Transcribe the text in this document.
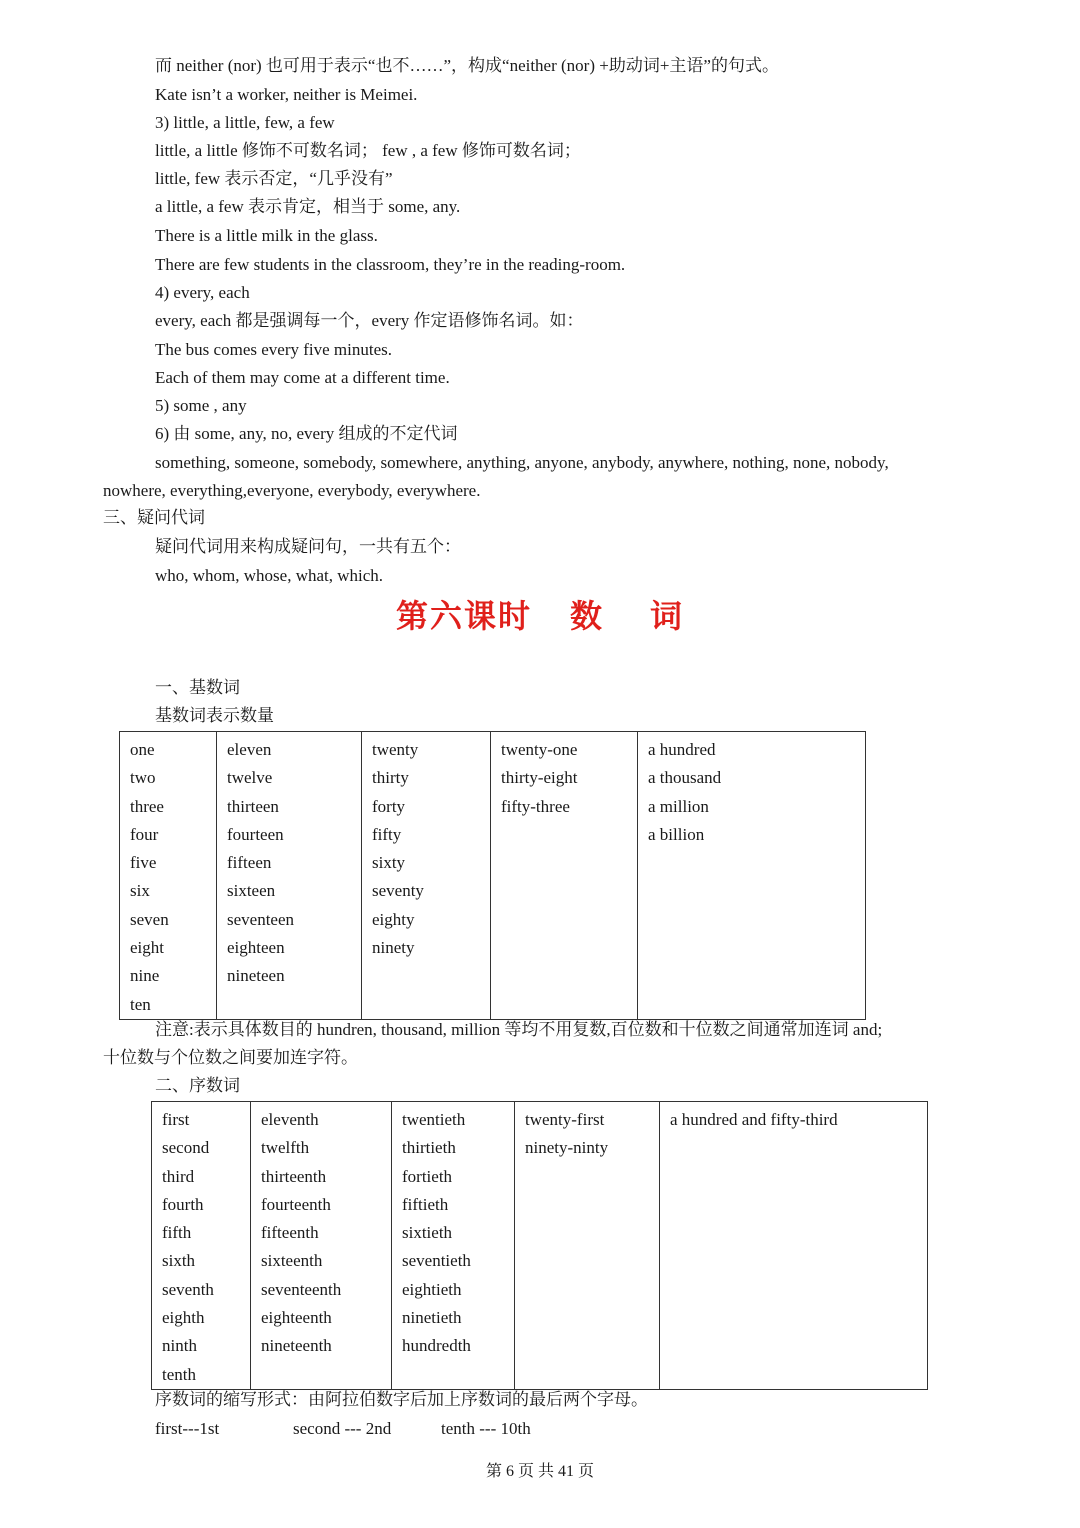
而 neither (nor) 也可用于表示“也不……”，构成“neither (nor) +助动词+主语”的句式。
Kate isn’t a worker, neither is Meimei.
3) little, a little, few, a few
little, a little 修饰不可数名词； few , a few 修饰可数名词；
little, few 表示否定，“几乎没有”
a little, a few 表示肯定，相当于 some, any.
There is a little milk in the glass.
There are few students in the classroom, they’re in the reading-room.
4) every, each
every, each 都是强调每一个，every 作定语修饰名词。如：
The bus comes every five minutes.
Each of them may come at a different time.
5) some , any
6) 由 some, any, no, every 组成的不定代词
something, someone, somebody, somewhere, anything, anyone, anybody, anywhere, nothing, none, nobody,
nowhere, everything,everyone, everybody, everywhere.
三、疑问代词
疑问代词用来构成疑问句，一共有五个：
who, whom, whose, what, which.
第六课时 数 词
一、基数词
基数词表示数量
one
two
three
four
five
six
seven
eight
nine
ten

eleven
twelve
thirteen
fourteen
fifteen
sixteen
seventeen
eighteen
nineteen

twenty
thirty
forty
fifty
sixty
seventy
eighty
ninety

twenty-one
thirty-eight
fifty-three

a hundred
a thousand
a million
a billion
注意:表示具体数目的 hundren, thousand, million 等均不用复数,百位数和十位数之间通常加连词 and;
十位数与个位数之间要加连字符。
二、序数词
first
second
third
fourth
fifth
sixth
seventh
eighth
ninth
tenth

eleventh
twelfth
thirteenth
fourteenth
fifteenth
sixteenth
seventeenth
eighteenth
nineteenth

twentieth
thirtieth
fortieth
fiftieth
sixtieth
seventieth
eightieth
ninetieth
hundredth

twenty-first
ninety-ninty

a hundred and fifty-third
序数词的缩写形式：由阿拉伯数字后加上序数词的最后两个字母。
first---1st	second --- 2nd	tenth --- 10th
第 6 页 共 41 页
